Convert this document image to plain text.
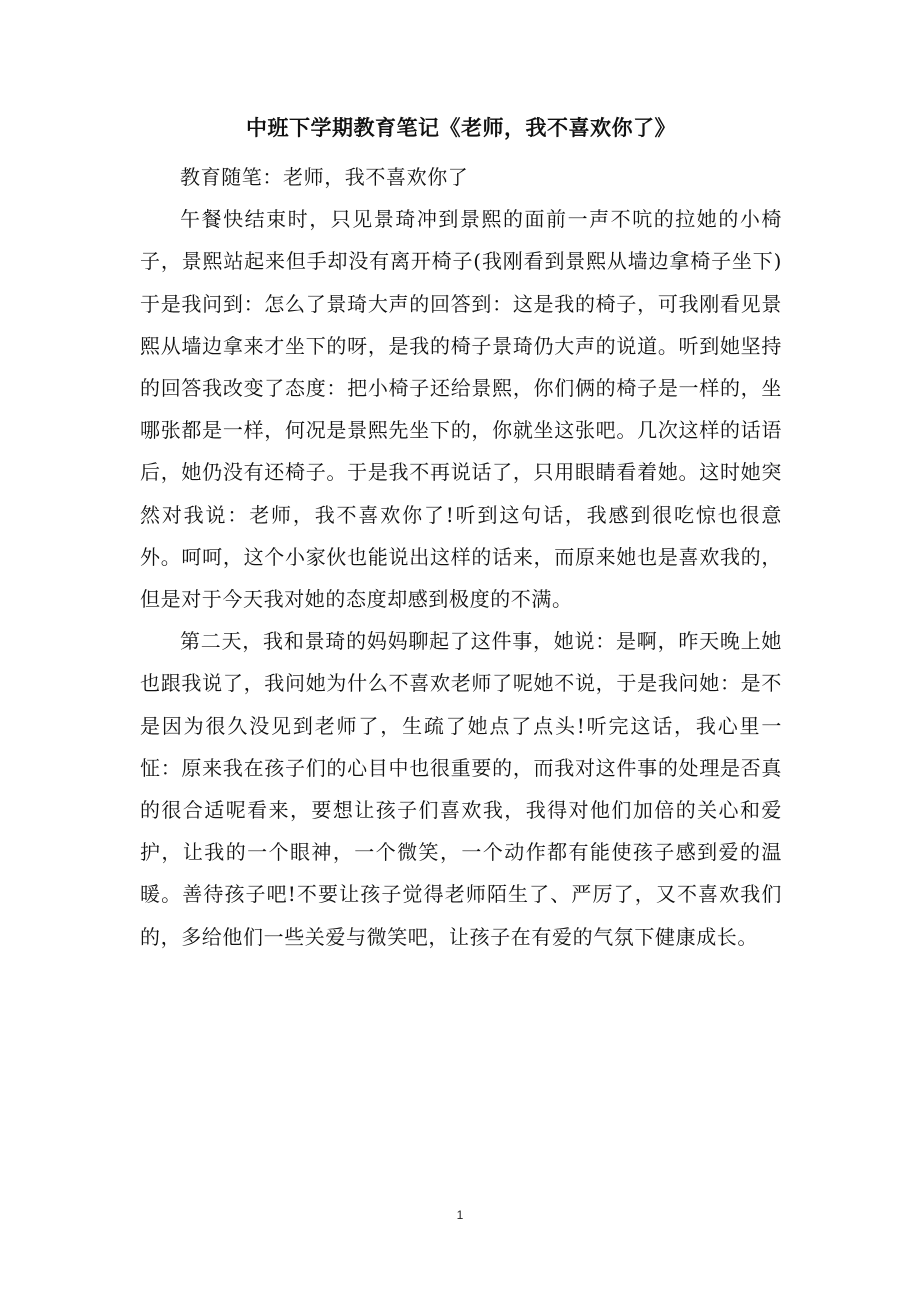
中班下学期教育笔记《老师，我不喜欢你了》

教育随笔：老师，我不喜欢你了

午餐快结束时，只见景琦冲到景熙的面前一声不吭的拉她的小椅子，景熙站起来但手却没有离开椅子(我刚看到景熙从墙边拿椅子坐下)于是我问到：怎么了景琦大声的回答到：这是我的椅子，可我刚看见景熙从墙边拿来才坐下的呀，是我的椅子景琦仍大声的说道。听到她坚持的回答我改变了态度：把小椅子还给景熙，你们俩的椅子是一样的，坐哪张都是一样，何况是景熙先坐下的，你就坐这张吧。几次这样的话语后，她仍没有还椅子。于是我不再说话了，只用眼睛看着她。这时她突然对我说：老师，我不喜欢你了!听到这句话，我感到很吃惊也很意外。呵呵，这个小家伙也能说出这样的话来，而原来她也是喜欢我的，但是对于今天我对她的态度却感到极度的不满。

第二天，我和景琦的妈妈聊起了这件事，她说：是啊，昨天晚上她也跟我说了，我问她为什么不喜欢老师了呢她不说，于是我问她：是不是因为很久没见到老师了，生疏了她点了点头!听完这话，我心里一怔：原来我在孩子们的心目中也很重要的，而我对这件事的处理是否真的很合适呢看来，要想让孩子们喜欢我，我得对他们加倍的关心和爱护，让我的一个眼神，一个微笑，一个动作都有能使孩子感到爱的温暖。善待孩子吧!不要让孩子觉得老师陌生了、严厉了，又不喜欢我们的，多给他们一些关爱与微笑吧，让孩子在有爱的气氛下健康成长。

1
